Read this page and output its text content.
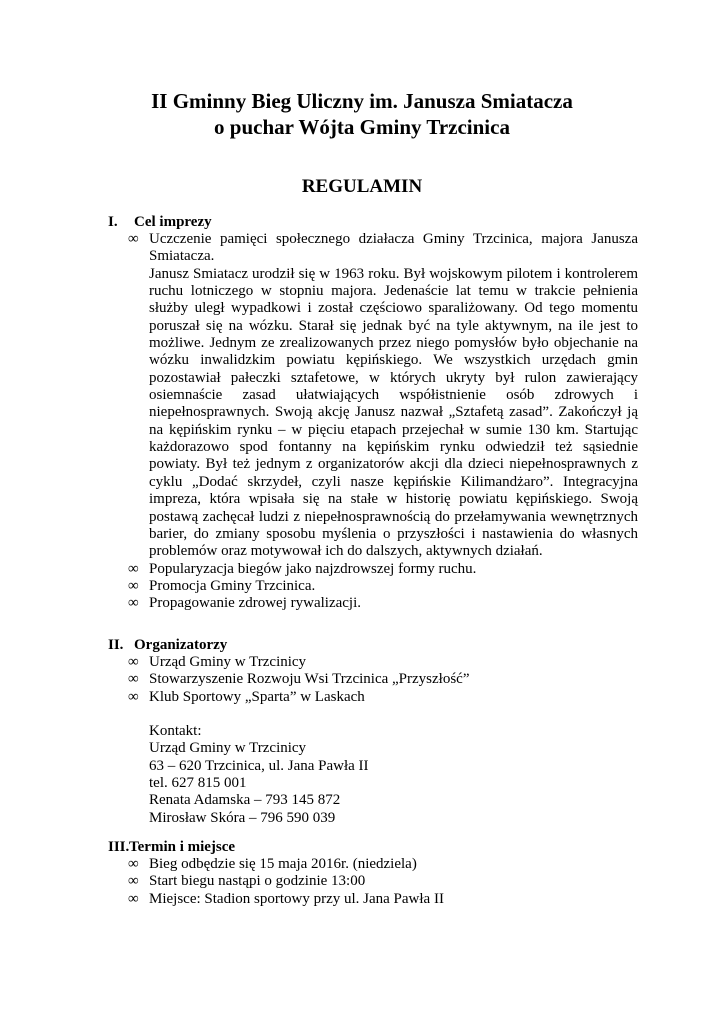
II Gminny Bieg Uliczny im. Janusza Smiatacza
o puchar Wójta Gminy Trzcinica
REGULAMIN
I. Cel imprezy
∞ Uczczenie pamięci społecznego działacza Gminy Trzcinica, majora Janusza Smiatacza.
Janusz Smiatacz urodził się w 1963 roku. Był wojskowym pilotem i kontrolerem ruchu lotniczego w stopniu majora. Jedenaście lat temu w trakcie pełnienia służby uległ wypadkowi i został częściowo sparaliżowany. Od tego momentu poruszał się na wózku. Starał się jednak być na tyle aktywnym, na ile jest to możliwe. Jednym ze zrealizowanych przez niego pomysłów było objechanie na wózku inwalidzkim powiatu kępińskiego. We wszystkich urzędach gmin pozostawiał pałeczki sztafetowe, w których ukryty był rulon zawierający osiemnaście zasad ułatwiających współistnienie osób zdrowych i niepełnosprawnych. Swoją akcję Janusz nazwał „Sztafetą zasad”. Zakończył ją na kępińskim rynku – w pięciu etapach przejechał w sumie 130 km. Startując każdorazowo spod fontanny na kępińskim rynku odwiedził też sąsiednie powiaty. Był też jednym z organizatorów akcji dla dzieci niepełnosprawnych z cyklu „Dodać skrzydeł, czyli nasze kępińskie Kilimandżaro”. Integracyjna impreza, która wpisała się na stałe w historię powiatu kępińskiego. Swoją postawą zachęcał ludzi z niepełnosprawnością do przełamywania wewnętrznych barier, do zmiany sposobu myślenia o przyszłości i nastawienia do własnych problemów oraz motywował ich do dalszych, aktywnych działań.
∞ Popularyzacja biegów jako najzdrowszej formy ruchu.
∞ Promocja Gminy Trzcinica.
∞ Propagowanie zdrowej rywalizacji.
II. Organizatorzy
∞ Urząd Gminy w Trzcinicy
∞ Stowarzyszenie Rozwoju Wsi Trzcinica „Przyszłość”
∞ Klub Sportowy „Sparta” w Laskach
Kontakt:
Urząd Gminy w Trzcinicy
63 – 620 Trzcinica, ul. Jana Pawła II
tel. 627 815 001
Renata Adamska – 793 145 872
Mirosław Skóra – 796 590 039
III.Termin i miejsce
∞ Bieg odbędzie się 15 maja 2016r. (niedziela)
∞ Start biegu nastąpi o godzinie 13:00
∞ Miejsce: Stadion sportowy przy ul. Jana Pawła II
